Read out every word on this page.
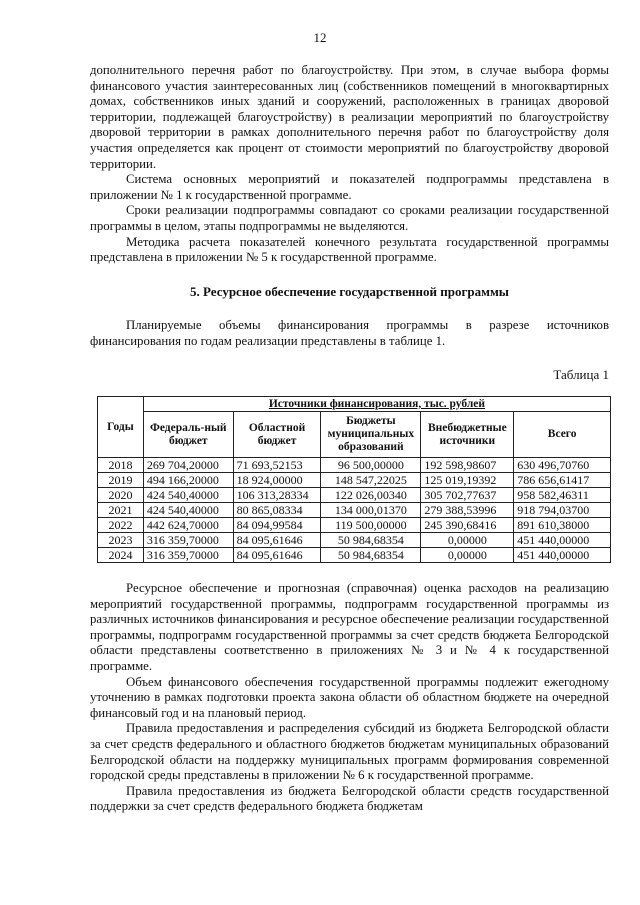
12

дополнительного перечня работ по благоустройству. При этом, в случае выбора формы финансового участия заинтересованных лиц (собственников помещений в многоквартирных домах, собственников иных зданий и сооружений, расположенных в границах дворовой территории, подлежащей благоустройству) в реализации мероприятий по благоустройству дворовой территории в рамках дополнительного перечня работ по благоустройству доля участия определяется как процент от стоимости мероприятий по благоустройству дворовой территории.

Система основных мероприятий и показателей подпрограммы представлена в приложении № 1 к государственной программе.

Сроки реализации подпрограммы совпадают со сроками реализации государственной программы в целом, этапы подпрограммы не выделяются.

Методика расчета показателей конечного результата государственной программы представлена в приложении № 5 к государственной программе.

5. Ресурсное обеспечение государственной программы

Планируемые объемы финансирования программы в разрезе источников финансирования по годам реализации представлены в таблице 1.

Таблица 1
Годы	Источники финансирования, тыс. рублей				
	Федераль-ный бюджет	Областной бюджет	Бюджеты муниципальных образований	Внебюджетные источники	Всего
2018	269 704,20000	71 693,52153	96 500,00000	192 598,98607	630 496,70760
2019	494 166,20000	18 924,00000	148 547,22025	125 019,19392	786 656,61417
2020	424 540,40000	106 313,28334	122 026,00340	305 702,77637	958 582,46311
2021	424 540,40000	80 865,08334	134 000,01370	279 388,53996	918 794,03700
2022	442 624,70000	84 094,99584	119 500,00000	245 390,68416	891 610,38000
2023	316 359,70000	84 095,61646	50 984,68354	0,00000	451 440,00000
2024	316 359,70000	84 095,61646	50 984,68354	0,00000	451 440,00000

Ресурсное обеспечение и прогнозная (справочная) оценка расходов на реализацию мероприятий государственной программы, подпрограмм государственной программы из различных источников финансирования и ресурсное обеспечение реализации государственной программы, подпрограмм государственной программы за счет средств бюджета Белгородской области представлены соответственно в приложениях № 3 и № 4 к государственной программе.

Объем финансового обеспечения государственной программы подлежит ежегодному уточнению в рамках подготовки проекта закона области об областном бюджете на очередной финансовый год и на плановый период.

Правила предоставления и распределения субсидий из бюджета Белгородской области за счет средств федерального и областного бюджетов бюджетам муниципальных образований Белгородской области на поддержку муниципальных программ формирования современной городской среды представлены в приложении № 6 к государственной программе.

Правила предоставления из бюджета Белгородской области средств государственной поддержки за счет средств федерального бюджета бюджетам
